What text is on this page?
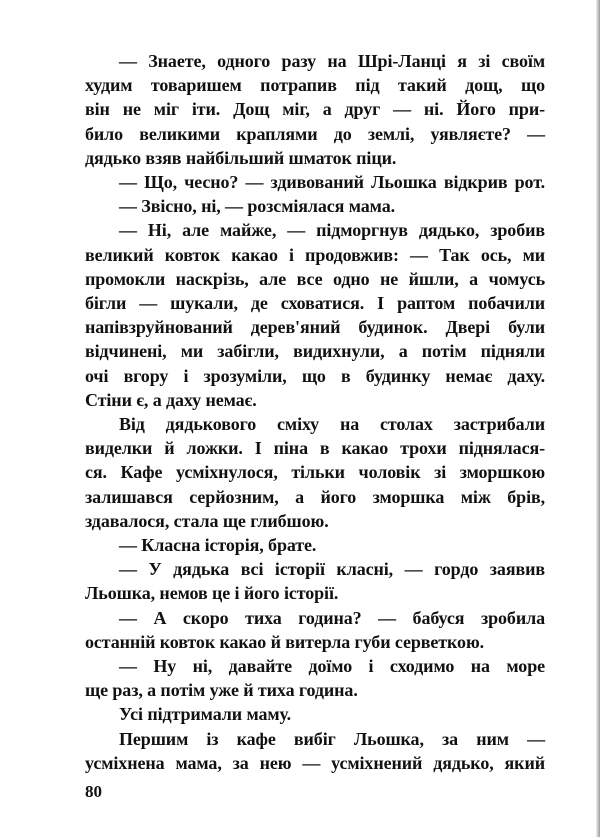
— Знаете, одного разу на Шрі-Ланці я зі своїм
худим товаришем потрапив під такий дощ, що
він не міг іти. Дощ міг, а друг — ні. Його при-
било великими краплями до землі, уявляєте? —
дядько взяв найбільший шматок піци.
— Що, чесно? — здивований Льошка відкрив рот.
— Звісно, ні, — розсміялася мама.
— Ні, але майже, — підморгнув дядько, зробив
великий ковток какао і продовжив: — Так ось, ми
промокли наскрізь, але все одно не йшли, а чомусь
бігли — шукали, де сховатися. І раптом побачили
напівзруйнований дерев'яний будинок. Двері були
відчинені, ми забігли, видихнули, а потім підняли
очі вгору і зрозуміли, що в будинку немає даху.
Стіни є, а даху немає.
Від дядькового сміху на столах застрибали
виделки й ложки. І піна в какао трохи піднялася-
ся. Кафе усміхнулося, тільки чоловік зі зморшкою
залишався серйозним, а його зморшка між брів,
здавалося, стала ще глибшою.
— Класна історія, брате.
— У дядька всі історії класні, — гордо заявив
Льошка, немов це і його історії.
— А скоро тиха година? — бабуся зробила
останній ковток какао й витерла губи серветкою.
— Ну ні, давайте доїмо і сходимо на море
ще раз, а потім уже й тиха година.
Усі підтримали маму.
Першим із кафе вибіг Льошка, за ним —
усміхнена мама, за нею — усміхнений дядько, який
80
